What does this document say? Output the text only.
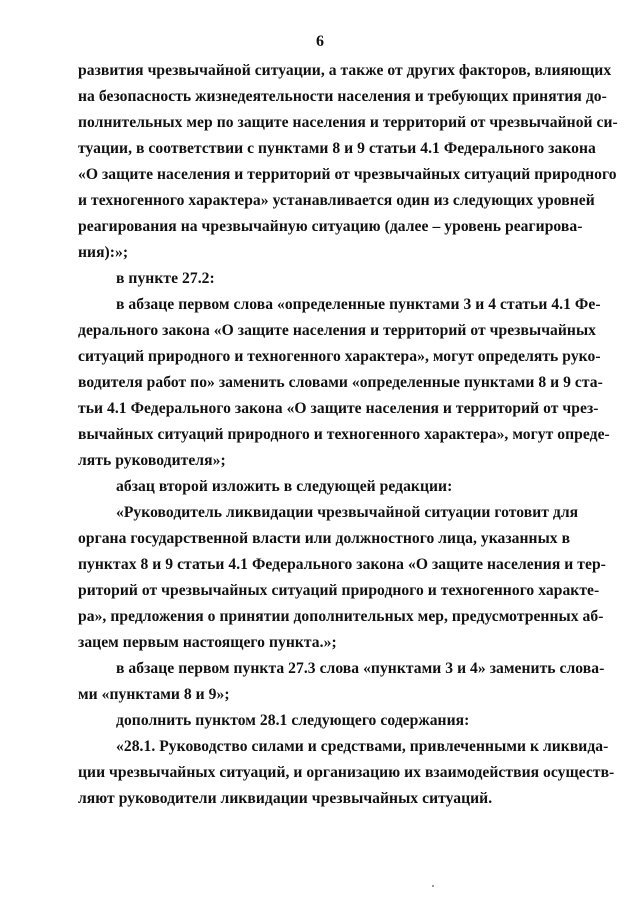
6
развития чрезвычайной ситуации, а также от других факторов, влияющих
на безопасность жизнедеятельности населения и требующих принятия до-
полнительных мер по защите населения и территорий от чрезвычайной си-
туации, в соответствии с пунктами 8 и 9 статьи 4.1 Федерального закона
«О защите населения и территорий от чрезвычайных ситуаций природного
и техногенного характера» устанавливается один из следующих уровней
реагирования на чрезвычайную ситуацию (далее – уровень реагирова-
ния):»;
в пункте 27.2:
в абзаце первом слова «определенные пунктами 3 и 4 статьи 4.1 Фе-
дерального закона «О защите населения и территорий от чрезвычайных
ситуаций природного и техногенного характера», могут определять руко-
водителя работ по» заменить словами «определенные пунктами 8 и 9 ста-
тьи 4.1 Федерального закона «О защите населения и территорий от чрез-
вычайных ситуаций природного и техногенного характера», могут опреде-
лять руководителя»;
абзац второй изложить в следующей редакции:
«Руководитель ликвидации чрезвычайной ситуации готовит для
органа государственной власти или должностного лица, указанных в
пунктах 8 и 9 статьи 4.1 Федерального закона «О защите населения и тер-
риторий от чрезвычайных ситуаций природного и техногенного характе-
ра», предложения о принятии дополнительных мер, предусмотренных аб-
зацем первым настоящего пункта.»;
в абзаце первом пункта 27.3 слова «пунктами 3 и 4» заменить слова-
ми «пунктами 8 и 9»;
дополнить пунктом 28.1 следующего содержания:
«28.1. Руководство силами и средствами, привлеченными к ликвида-
ции чрезвычайных ситуаций, и организацию их взаимодействия осуществ-
ляют руководители ликвидации чрезвычайных ситуаций.
